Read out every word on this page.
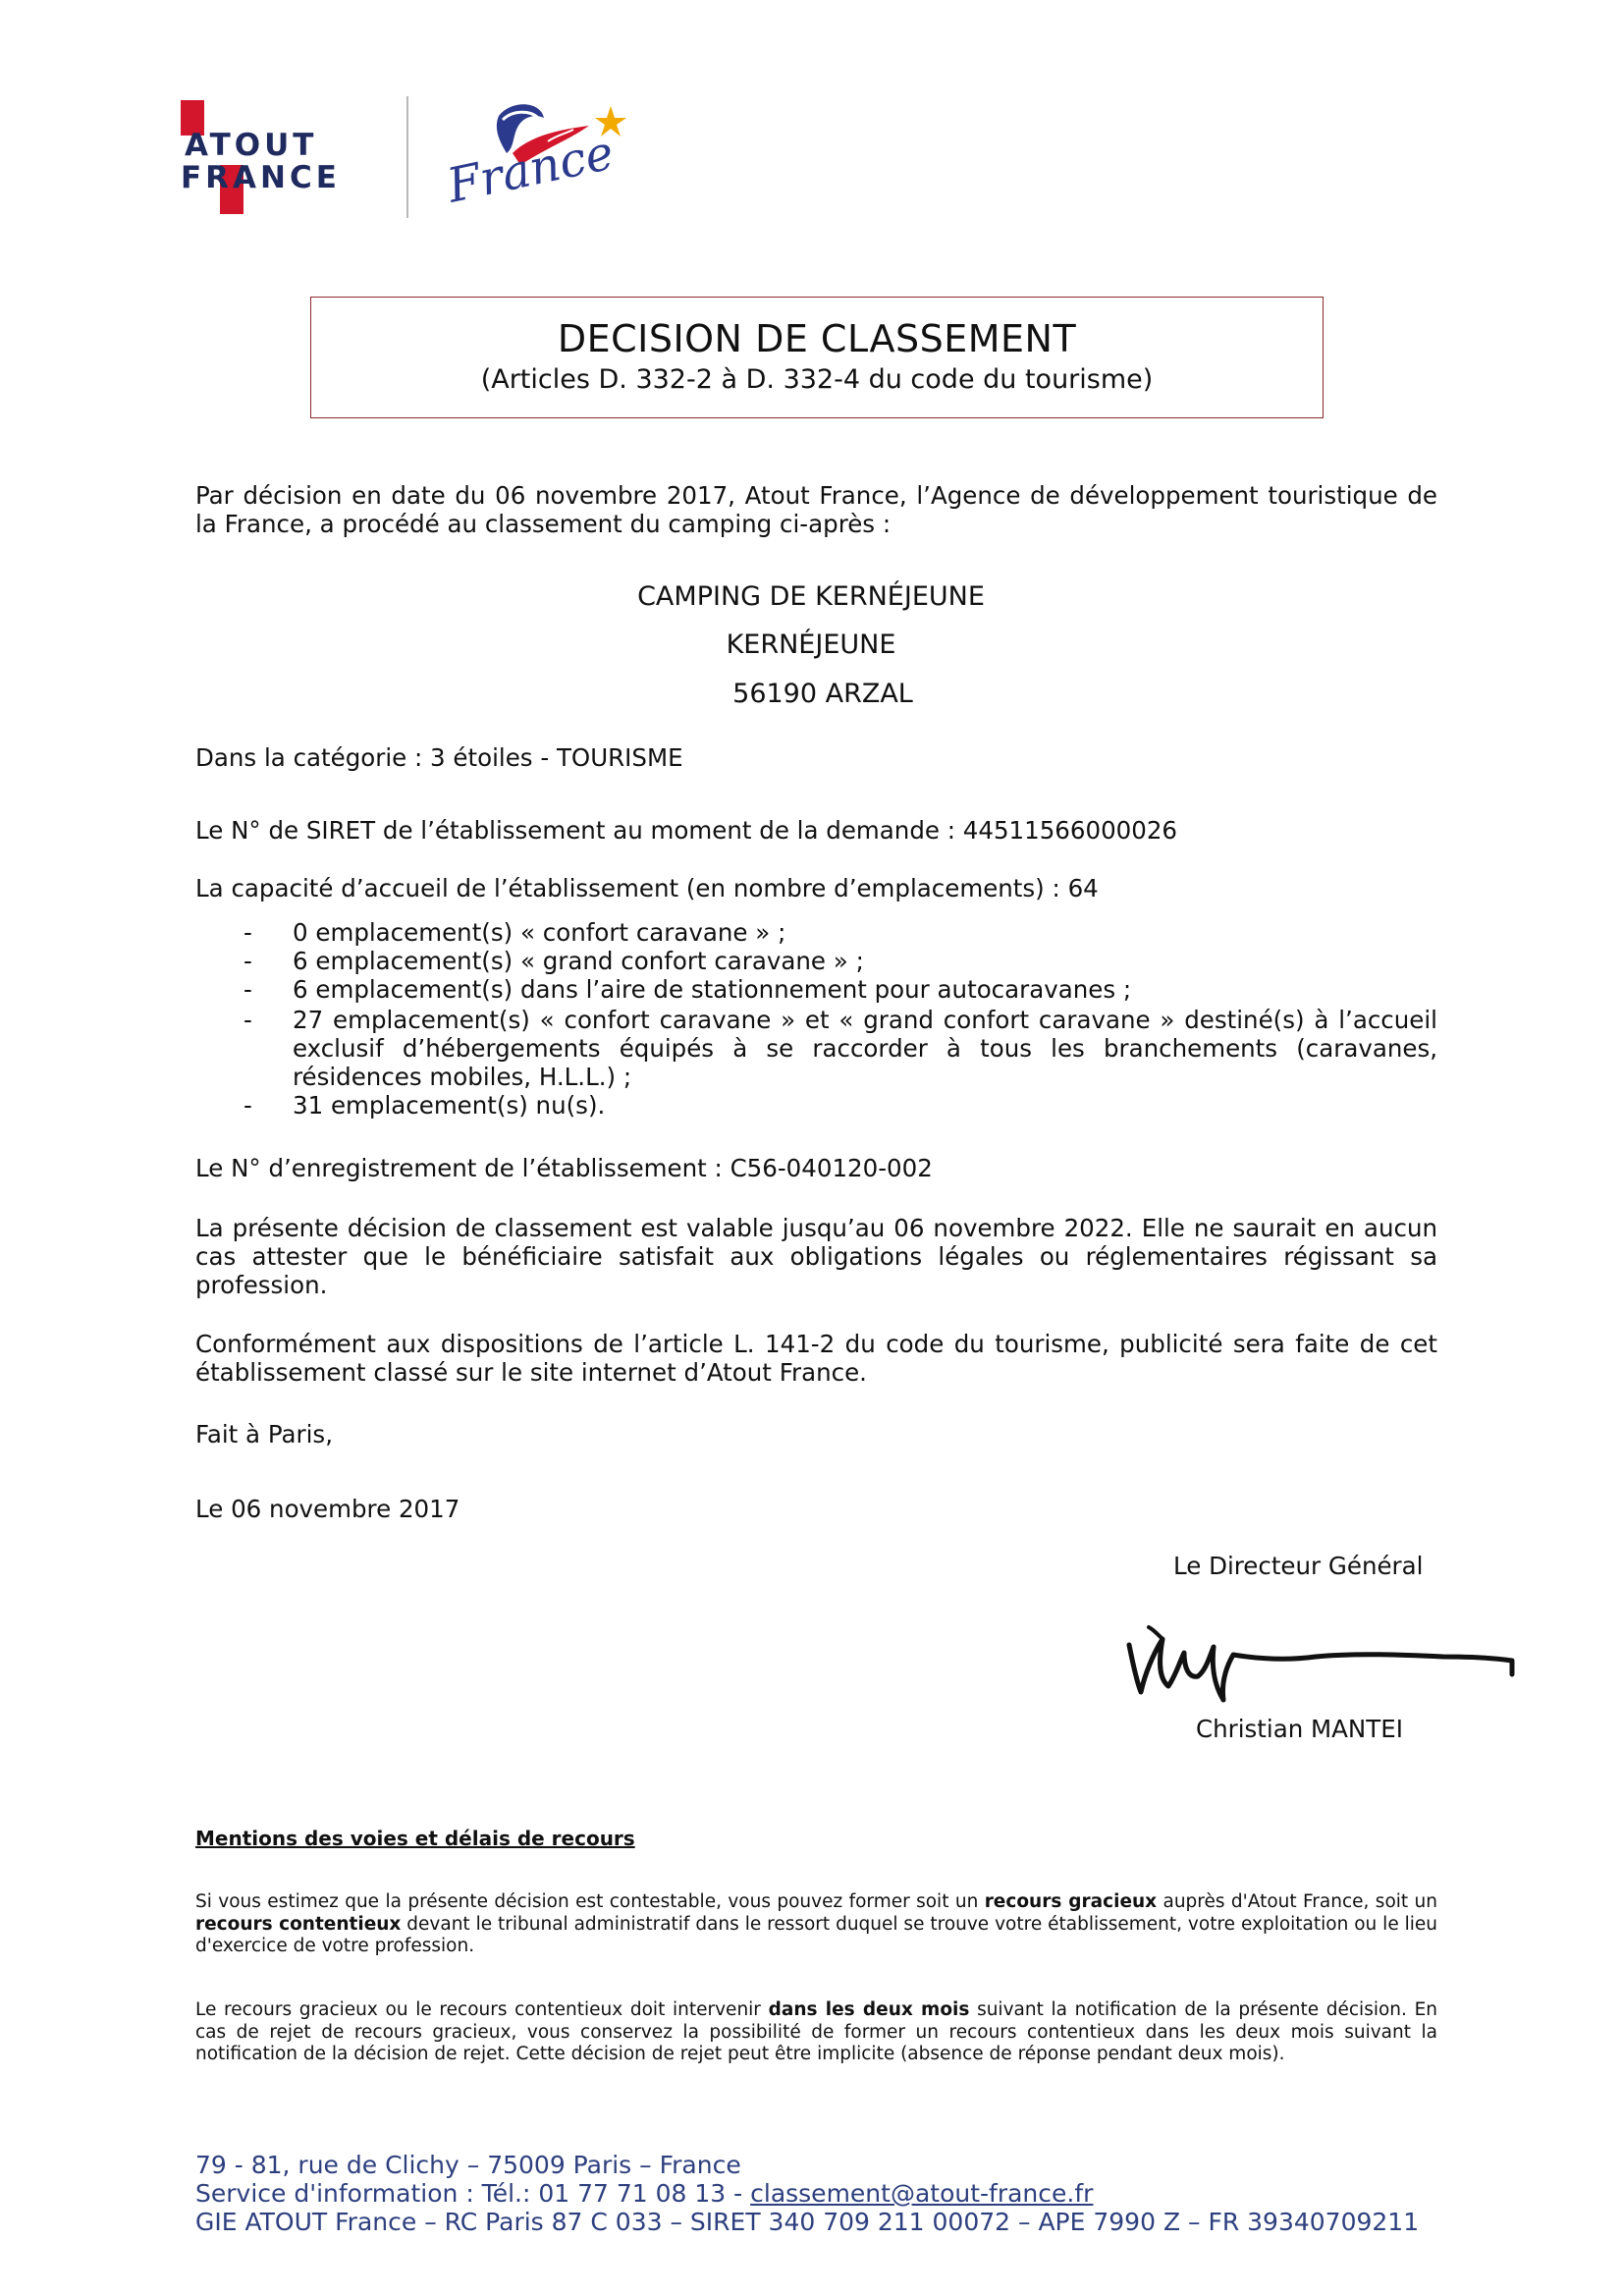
ATOUT
FRANCE France
DECISION DE CLASSEMENT
(Articles D. 332-2 à D. 332-4 du code du tourisme)
Par décision en date du 06 novembre 2017, Atout France, l’Agence de développement touristique de la France, a procédé au classement du camping ci-après :
CAMPING DE KERNÉJEUNE
KERNÉJEUNE
56190 ARZAL
Dans la catégorie : 3 étoiles - TOURISME
Le N° de SIRET de l’établissement au moment de la demande : 44511566000026
La capacité d’accueil de l’établissement (en nombre d’emplacements) : 64
- 0 emplacement(s) « confort caravane » ;
- 6 emplacement(s) « grand confort caravane » ;
- 6 emplacement(s) dans l’aire de stationnement pour autocaravanes ;
- 27 emplacement(s) « confort caravane » et « grand confort caravane » destiné(s) à l’accueil exclusif d’hébergements équipés à se raccorder à tous les branchements (caravanes, résidences mobiles, H.L.L.) ;
- 31 emplacement(s) nu(s).
Le N° d’enregistrement de l’établissement : C56-040120-002
La présente décision de classement est valable jusqu’au 06 novembre 2022. Elle ne saurait en aucun cas attester que le bénéficiaire satisfait aux obligations légales ou réglementaires régissant sa profession.
Conformément aux dispositions de l’article L. 141-2 du code du tourisme, publicité sera faite de cet établissement classé sur le site internet d’Atout France.
Fait à Paris,
Le 06 novembre 2017
Le Directeur Général
Christian MANTEI
Mentions des voies et délais de recours
Si vous estimez que la présente décision est contestable, vous pouvez former soit un recours gracieux auprès d'Atout France, soit un recours contentieux devant le tribunal administratif dans le ressort duquel se trouve votre établissement, votre exploitation ou le lieu d'exercice de votre profession.
Le recours gracieux ou le recours contentieux doit intervenir dans les deux mois suivant la notification de la présente décision. En cas de rejet de recours gracieux, vous conservez la possibilité de former un recours contentieux dans les deux mois suivant la notification de la décision de rejet. Cette décision de rejet peut être implicite (absence de réponse pendant deux mois).
79 - 81, rue de Clichy – 75009 Paris – France
Service d'information : Tél.: 01 77 71 08 13 - classement@atout-france.fr
GIE ATOUT France – RC Paris 87 C 033 – SIRET 340 709 211 00072 – APE 7990 Z – FR 39340709211
